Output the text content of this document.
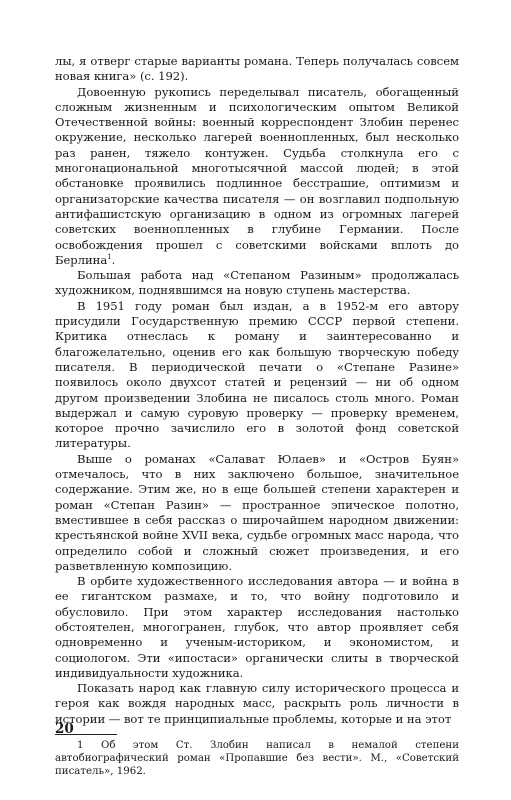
лы, я отверг старые варианты романа. Теперь получалась совсем новая книга» (с. 192).

Довоенную рукопись переделывал писатель, обогащенный сложным жизненным и психологическим опытом Великой Отечественной войны: военный корреспондент Злобин перенес окружение, несколько лагерей военнопленных, был несколько раз ранен, тяжело контужен. Судьба столкнула его с многонациональной многотысячной массой людей; в этой обстановке проявились подлинное бесстрашие, оптимизм и организаторские качества писателя — он возглавил подпольную антифашистскую организацию в одном из огромных лагерей советских военнопленных в глубине Германии. После освобождения прошел с советскими войсками вплоть до Берлина$^1$.

Большая работа над «Степаном Разиным» продолжалась художником, поднявшимся на новую ступень мастерства.

В 1951 году роман был издан, а в 1952-м его автору присудили Государственную премию СССР первой степени. Критика отнеслась к роману и заинтересованно и благожелательно, оценив его как большую творческую победу писателя. В периодической печати о «Степане Разине» появилось около двухсот статей и рецензий — ни об одном другом произведении Злобина не писалось столь много. Роман выдержал и самую суровую проверку — проверку временем, которое прочно зачислило его в золотой фонд советской литературы.

Выше о романах «Салават Юлаев» и «Остров Буян» отмечалось, что в них заключено большое, значительное содержание. Этим же, но в еще большей степени характерен и роман «Степан Разин» — пространное эпическое полотно, вместившее в себя рассказ о широчайшем народном движении: крестьянской войне XVII века, судьбе огромных масс народа, что определило собой и сложный сюжет произведения, и его разветвленную композицию.

В орбите художественного исследования автора — и война в ее гигантском размахе, и то, что войну подготовило и обусловило. При этом характер исследования настолько обстоятелен, многогранен, глубок, что автор проявляет себя одновременно и ученым-историком, и экономистом, и социологом. Эти «ипостаси» органически слиты в творческой индивидуальности художника.

Показать народ как главную силу исторического процесса и героя как вождя народных масс, раскрыть роль личности в истории — вот те принципиальные проблемы, которые и на этот

1 Об этом Ст. Злобин написал в немалой степени автобиографический роман «Пропавшие без вести». М., «Советский писатель», 1962.

20
